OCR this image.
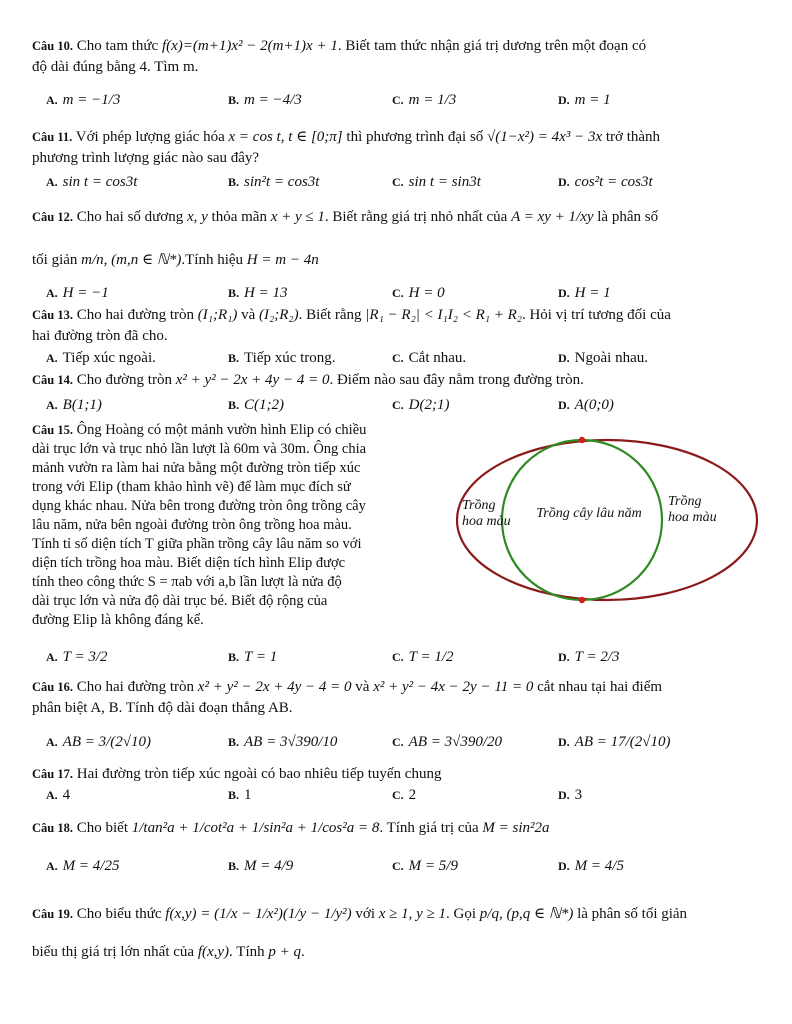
Câu 10. Cho tam thức f(x)=(m+1)x² − 2(m+1)x + 1. Biết tam thức nhận giá trị dương trên một đoạn có
độ dài đúng bằng 4. Tìm m.
A. m = −1/3	B. m = −4/3	C. m = 1/3	D. m = 1
Câu 11. Với phép lượng giác hóa x = cos t, t ∈ [0;π] thì phương trình đại số √(1−x²) = 4x³ − 3x trở thành
phương trình lượng giác nào sau đây?
A. sin t = cos3t	B. sin²t = cos3t	C. sin t = sin3t	D. cos²t = cos3t
Câu 12. Cho hai số dương x, y thỏa mãn x + y ≤ 1. Biết rằng giá trị nhỏ nhất của A = xy + 1/xy là phân số
tối giản m/n, (m,n ∈ ℕ*).Tính hiệu H = m − 4n
A. H = −1	B. H = 13	C. H = 0	D. H = 1
Câu 13. Cho hai đường tròn (I₁;R₁) và (I₂;R₂). Biết rằng |R₁ − R₂| < I₁I₂ < R₁ + R₂. Hỏi vị trí tương đối của
hai đường tròn đã cho.
A. Tiếp xúc ngoài.	B. Tiếp xúc trong.	C. Cắt nhau.	D. Ngoài nhau.
Câu 14. Cho đường tròn x² + y² − 2x + 4y − 4 = 0. Điểm nào sau đây nằm trong đường tròn.
A. B(1;1)	B. C(1;2)	C. D(2;1)	D. A(0;0)
Câu 15. Ông Hoàng có một mảnh vườn hình Elip có chiều
dài trục lớn và trục nhỏ lần lượt là 60m và 30m. Ông chia
mảnh vườn ra làm hai nửa bằng một đường tròn tiếp xúc
trong với Elip (tham khảo hình vẽ) để làm mục đích sử
dụng khác nhau. Nửa bên trong đường tròn ông trồng cây
lâu năm, nửa bên ngoài đường tròn ông trồng hoa màu.
Tính tỉ số diện tích T giữa phần trồng cây lâu năm so với
diện tích trồng hoa màu. Biết diện tích hình Elip được
tính theo công thức S = πab với a,b lần lượt là nửa độ
dài trục lớn và nửa độ dài trục bé. Biết độ rộng của
đường Elip là không đáng kể.
Trồng hoa màu
Trồng cây lâu năm
Trồng hoa màu
A. T = 3/2	B. T = 1	C. T = 1/2	D. T = 2/3
Câu 16. Cho hai đường tròn x² + y² − 2x + 4y − 4 = 0 và x² + y² − 4x − 2y − 11 = 0 cắt nhau tại hai điểm
phân biệt A, B. Tính độ dài đoạn thẳng AB.
A. AB = 3/(2√10)	B. AB = 3√390/10	C. AB = 3√390/20	D. AB = 17/(2√10)
Câu 17. Hai đường tròn tiếp xúc ngoài có bao nhiêu tiếp tuyến chung
A. 4	B. 1	C. 2	D. 3
Câu 18. Cho biết 1/tan²a + 1/cot²a + 1/sin²a + 1/cos²a = 8. Tính giá trị của M = sin²2a
A. M = 4/25	B. M = 4/9	C. M = 5/9	D. M = 4/5
Câu 19. Cho biểu thức f(x,y) = (1/x − 1/x²)(1/y − 1/y²) với x ≥ 1, y ≥ 1. Gọi p/q, (p,q ∈ ℕ*) là phân số tối giản
biểu thị giá trị lớn nhất của f(x,y). Tính p + q.
